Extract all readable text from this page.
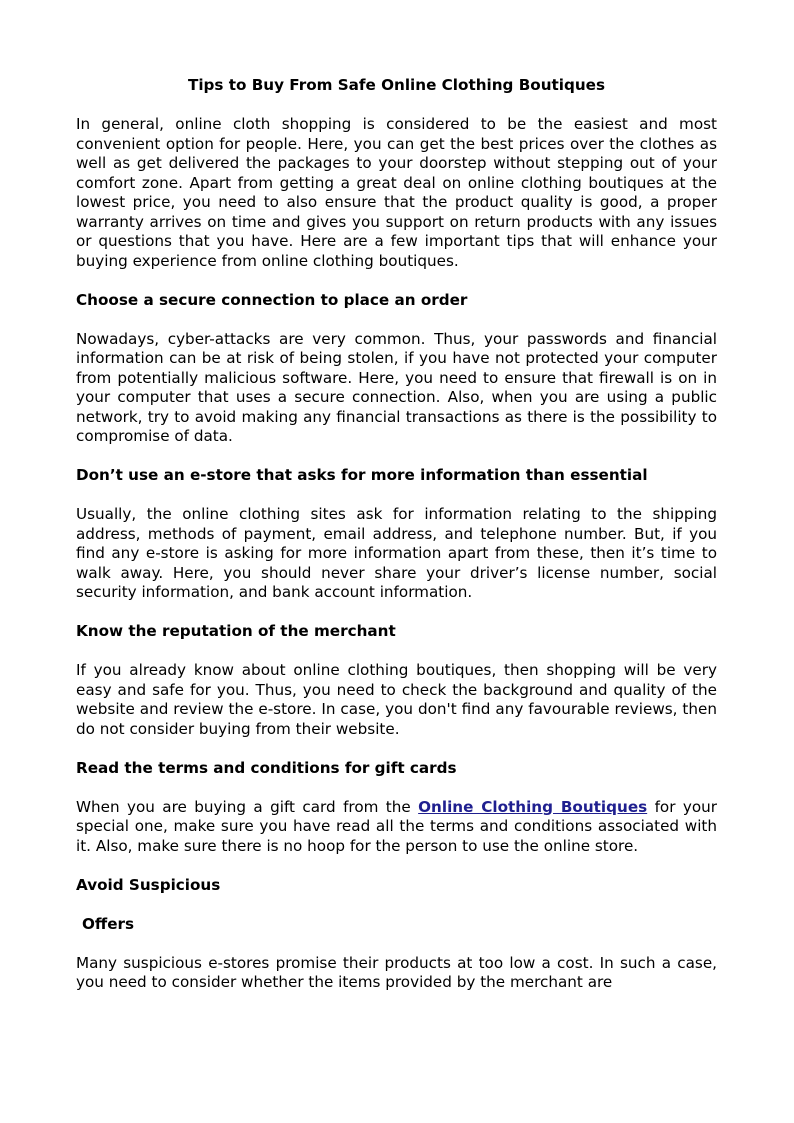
Tips to Buy From Safe Online Clothing Boutiques

In general, online cloth shopping is considered to be the easiest and most convenient option for people. Here, you can get the best prices over the clothes as well as get delivered the packages to your doorstep without stepping out of your comfort zone. Apart from getting a great deal on online clothing boutiques at the lowest price, you need to also ensure that the product quality is good, a proper warranty arrives on time and gives you support on return products with any issues or questions that you have. Here are a few important tips that will enhance your buying experience from online clothing boutiques.

Choose a secure connection to place an order

Nowadays, cyber-attacks are very common. Thus, your passwords and financial information can be at risk of being stolen, if you have not protected your computer from potentially malicious software. Here, you need to ensure that firewall is on in your computer that uses a secure connection. Also, when you are using a public network, try to avoid making any financial transactions as there is the possibility to compromise of data.

Don’t use an e-store that asks for more information than essential

Usually, the online clothing sites ask for information relating to the shipping address, methods of payment, email address, and telephone number. But, if you find any e-store is asking for more information apart from these, then it’s time to walk away. Here, you should never share your driver’s license number, social security information, and bank account information.

Know the reputation of the merchant

If you already know about online clothing boutiques, then shopping will be very easy and safe for you. Thus, you need to check the background and quality of the website and review the e-store. In case, you don't find any favourable reviews, then do not consider buying from their website.

Read the terms and conditions for gift cards

When you are buying a gift card from the Online Clothing Boutiques for your special one, make sure you have read all the terms and conditions associated with it. Also, make sure there is no hoop for the person to use the online store.

Avoid Suspicious
Offers

Many suspicious e-stores promise their products at too low a cost. In such a case, you need to consider whether the items provided by the merchant are
